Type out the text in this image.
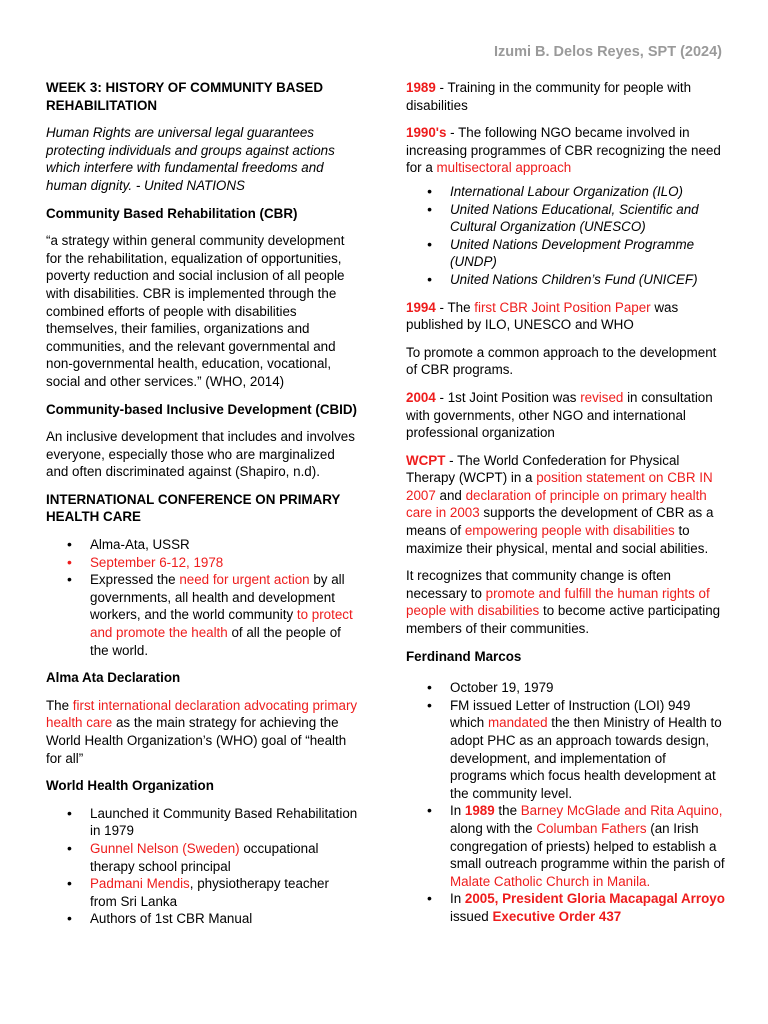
Izumi B. Delos Reyes, SPT (2024)
WEEK 3: HISTORY OF COMMUNITY BASED REHABILITATION

Human Rights are universal legal guarantees protecting individuals and groups against actions which interfere with fundamental freedoms and human dignity. - United NATIONS

Community Based Rehabilitation (CBR)

“a strategy within general community development for the rehabilitation, equalization of opportunities, poverty reduction and social inclusion of all people with disabilities. CBR is implemented through the combined efforts of people with disabilities themselves, their families, organizations and communities, and the relevant governmental and non-governmental health, education, vocational, social and other services.” (WHO, 2014)

Community-based Inclusive Development (CBID)

An inclusive development that includes and involves everyone, especially those who are marginalized and often discriminated against (Shapiro, n.d).

INTERNATIONAL CONFERENCE ON PRIMARY HEALTH CARE
• Alma-Ata, USSR
• September 6-12, 1978
• Expressed the need for urgent action by all governments, all health and development workers, and the world community to protect and promote the health of all the people of the world.
Alma Ata Declaration

The first international declaration advocating primary health care as the main strategy for achieving the World Health Organization’s (WHO) goal of “health for all”

World Health Organization
• Launched it Community Based Rehabilitation in 1979
• Gunnel Nelson (Sweden) occupational therapy school principal
• Padmani Mendis, physiotherapy teacher from Sri Lanka
• Authors of 1st CBR Manual

1989 - Training in the community for people with disabilities

1990's - The following NGO became involved in increasing programmes of CBR recognizing the need for a multisectoral approach

• International Labour Organization (ILO)
• United Nations Educational, Scientific and Cultural Organization (UNESCO)
• United Nations Development Programme (UNDP)
• United Nations Children’s Fund (UNICEF)

1994 - The first CBR Joint Position Paper was published by ILO, UNESCO and WHO

To promote a common approach to the development of CBR programs.

2004 - 1st Joint Position was revised in consultation with governments, other NGO and international professional organization

WCPT - The World Confederation for Physical Therapy (WCPT) in a position statement on CBR IN 2007 and declaration of principle on primary health care in 2003 supports the development of CBR as a means of empowering people with disabilities to maximize their physical, mental and social abilities.

It recognizes that community change is often necessary to promote and fulfill the human rights of people with disabilities to become active participating members of their communities.

Ferdinand Marcos
• October 19, 1979
• FM issued Letter of Instruction (LOI) 949 which mandated the then Ministry of Health to adopt PHC as an approach towards design, development, and implementation of programs which focus health development at the community level.
• In 1989 the Barney McGlade and Rita Aquino, along with the Columban Fathers (an Irish congregation of priests) helped to establish a small outreach programme within the parish of Malate Catholic Church in Manila.
• In 2005, President Gloria Macapagal Arroyo issued Executive Order 437
